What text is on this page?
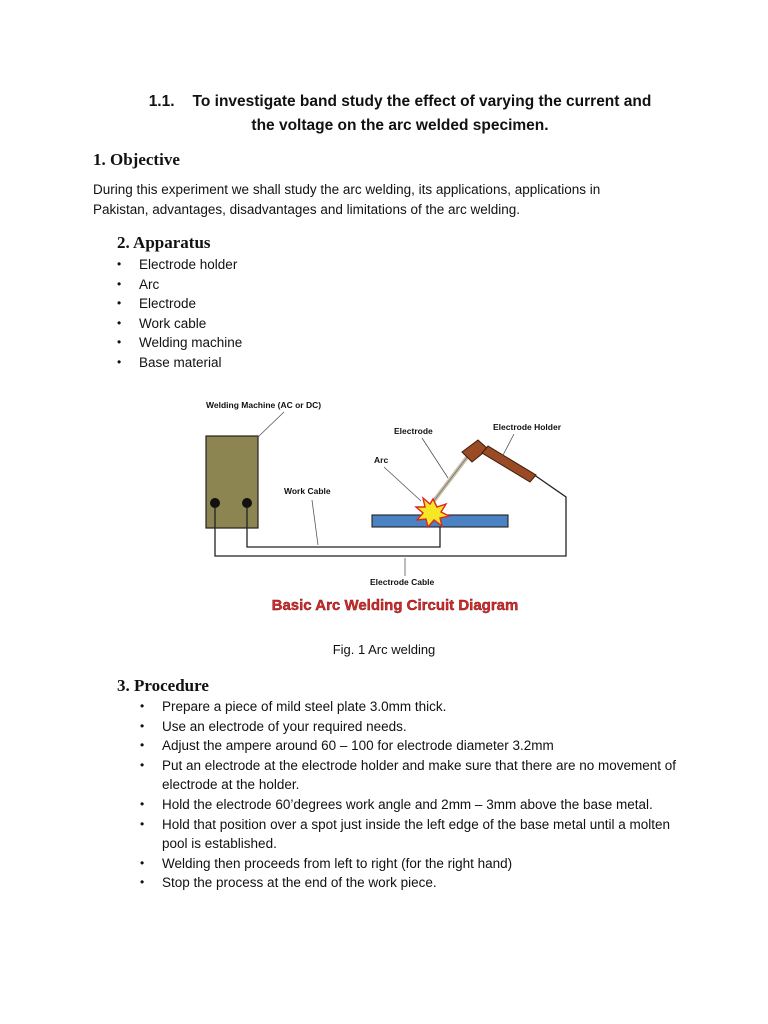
1.1. To investigate band study the effect of varying the current and
the voltage on the arc welded specimen.
1. Objective
During this experiment we shall study the arc welding, its applications, applications in
Pakistan, advantages, disadvantages and limitations of the arc welding.
2. Apparatus
• Electrode holder
• Arc
• Electrode
• Work cable
• Welding machine
• Base material
Welding Machine (AC or DC)
Work Cable
Electrode	Electrode Holder
Arc
Electrode Cable
Basic Arc Welding Circuit Diagram
Fig. 1 Arc welding
3. Procedure
• Prepare a piece of mild steel plate 3.0mm thick.
• Use an electrode of your required needs.
• Adjust the ampere around 60 – 100 for electrode diameter 3.2mm
• Put an electrode at the electrode holder and make sure that there are no movement of electrode at the holder.
• Hold the electrode 60’degrees work angle and 2mm – 3mm above the base metal.
• Hold that position over a spot just inside the left edge of the base metal until a molten pool is established.
• Welding then proceeds from left to right (for the right hand)
• Stop the process at the end of the work piece.
